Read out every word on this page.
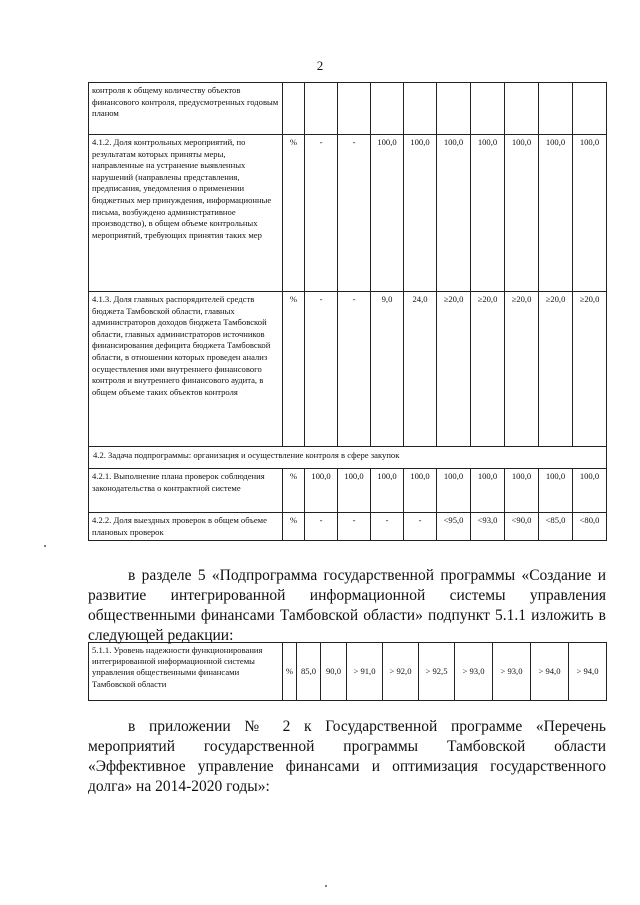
2
контроля к общему количеству объектов финансового контроля, предусмотренных годовым планом										
4.1.2. Доля контрольных мероприятий, по результатам которых приняты меры, направленные на устранение выявленных нарушений (направлены представления, предписания, уведомления о применении бюджетных мер принуждения, информационные письма, возбуждено административное производство), в общем объеме контрольных мероприятий, требующих принятия таких мер	%	-	-	100,0	100,0	100,0	100,0	100,0	100,0	100,0
4.1.3. Доля главных распорядителей средств бюджета Тамбовской области, главных администраторов доходов бюджета Тамбовской области, главных администраторов источников финансирования дефицита бюджета Тамбовской области, в отношении которых проведен анализ осуществления ими внутреннего финансового контроля и внутреннего финансового аудита, в общем объеме таких объектов контроля	%	-	-	9,0	24,0	≥20,0	≥20,0	≥20,0	≥20,0	≥20,0
4.2. Задача подпрограммы: организация и осуществление контроля в сфере закупок										
4.2.1. Выполнение плана проверок соблюдения законодательства о контрактной системе	%	100,0	100,0	100,0	100,0	100,0	100,0	100,0	100,0	100,0
4.2.2. Доля выездных проверок в общем объеме плановых проверок	%	-	-	-	-	<95,0	<93,0	<90,0	<85,0	<80,0
в разделе 5 «Подпрограмма государственной программы «Создание и развитие интегрированной информационной системы управления общественными финансами Тамбовской области» подпункт 5.1.1 изложить в следующей редакции:
5.1.1. Уровень надежности функционирования интегрированной информационной системы управления общественными финансами Тамбовской области	%	85,0	90,0	> 91,0	> 92,0	> 92,5	> 93,0	> 93,0	> 94,0	> 94,0
в приложении № 2 к Государственной программе «Перечень мероприятий государственной программы Тамбовской области «Эффективное управление финансами и оптимизация государственного долга» на 2014-2020 годы»:
